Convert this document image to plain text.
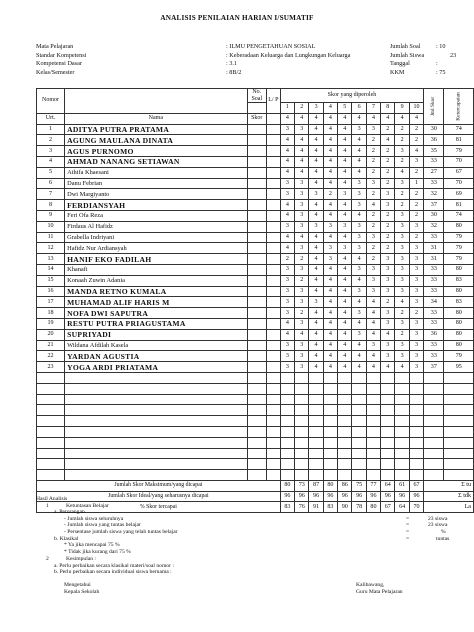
ANALISIS PENILAIAN HARIAN I/SUMATIF
Mata Pelajaran	: ILMU PENGETAHUAN SOSIAL
Standar Kompetensi	: Keberadaan Keluarga dan Lungkungan Keluarga
Kompetensi Dasar	: 3.1
Kelas/Semester	: 8B/2
Jumlah Soal	: 10
Jumlah Siswa	23
Tanggal	:
KKM	: 75
Nomor		No. Soal	L/ P	Skor yang diperoleh										Jml Skor	Ketercapaian
				1	2	3	4	5	6	7	8	9	10		
Urt.	Nama	Skor		4	4	4	4	4	4	4	4	4	4		
1	ADITYA PUTRA PRATAMA			3	3	4	4	4	3	3	2	2	2	30	74
2	AGUNG MAULANA DINATA			4	4	4	4	4	4	2	4	2	2	36	81
3	AGUS PURNOMO			4	4	4	4	4	4	2	2	3	4	35	79
4	AHMAD NANANG SETIAWAN			4	4	4	4	4	4	2	2	2	3	33	70
5	Athifa Khaesani			4	4	4	4	4	4	2	2	4	2	27	67
6	Danu Febrian			3	3	4	4	4	3	3	2	3	1	33	70
7	Dwi Margiyanto			3	3	3	2	3	3	2	3	2	2	32	69
8	FERDIANSYAH			4	3	4	4	4	3	4	3	2	2	37	81
9	Feri Ofa Reza			4	3	4	4	4	4	2	2	3	2	30	74
10	Firdaus Al Hafidz			3	3	3	3	3	3	2	2	3	3	32	80
11	Grabella Indriyani			4	4	4	4	4	3	3	2	3	2	33	79
12	Hafidz Nur Ardiansyah			4	3	4	3	3	3	2	2	3	3	31	79
13	HANIF EKO FADILAH			2	2	4	3	4	4	2	3	3	3	31	79
14	Khanafi			3	3	4	4	4	3	3	3	3	3	33	80
15	Konaah Zuwin Adania			3	2	4	4	4	4	3	3	3	3	33	83
16	MANDA RETNO KUMALA			3	3	4	4	4	3	3	3	3	3	33	80
17	MUHAMAD ALIF HARIS M			3	3	3	4	4	4	4	2	4	3	34	83
18	NOFA DWI SAPUTRA			3	2	4	4	4	3	4	3	2	2	33	80
19	RESTU PUTRA PRIAGUSTAMA			4	3	4	4	4	4	4	3	3	3	33	80
20	SUPRIYADI			4	4	4	4	4	3	4	4	2	3	36	80
21	Wildana Afdilah Kasela			3	3	4	4	4	4	3	3	3	3	33	80
22	YARDAN AGUSTIA			3	3	4	4	4	4	4	3	3	3	33	79
23	YOGA ARDI PRIATAMA			3	3	4	4	4	4	4	4	4	3	37	95

Jumlah Skor Maksimum/yang dicapai				80	73	87	80	86	75	77	64	61	67	Σ tu	
Jumlah Skor Ideal/yang seharusnya dicapai				96	96	96	96	96	96	96	96	96	96	Σ tdk	
% Skor tercapai				83	76	91	83	90	78	80	67	64	70	La	
Hasil Analisis
1	Ketuntasan Belajar
a. Perorangan
- Jumlah siswa seluruhnya	=	23 siswa
- Jumlah siswa yang tuntas belajar	=	23 siswa
- Persentase jumlah siswa yang telah tuntas belajar	=	%
b. Klasikal	=	tuntas
* Ya jika mencapai 75 %
* Tidak jika kurang dari 75 %
2	Kesimpulan :
a. Perlu perbaikan secara klasikal materi/soal nomor :
b. Perlu perbaikan secara individual siswa bernama :
Mengetahui	Kalibawang,
Kepala Sekolah	Guru Mata Pelajaran
